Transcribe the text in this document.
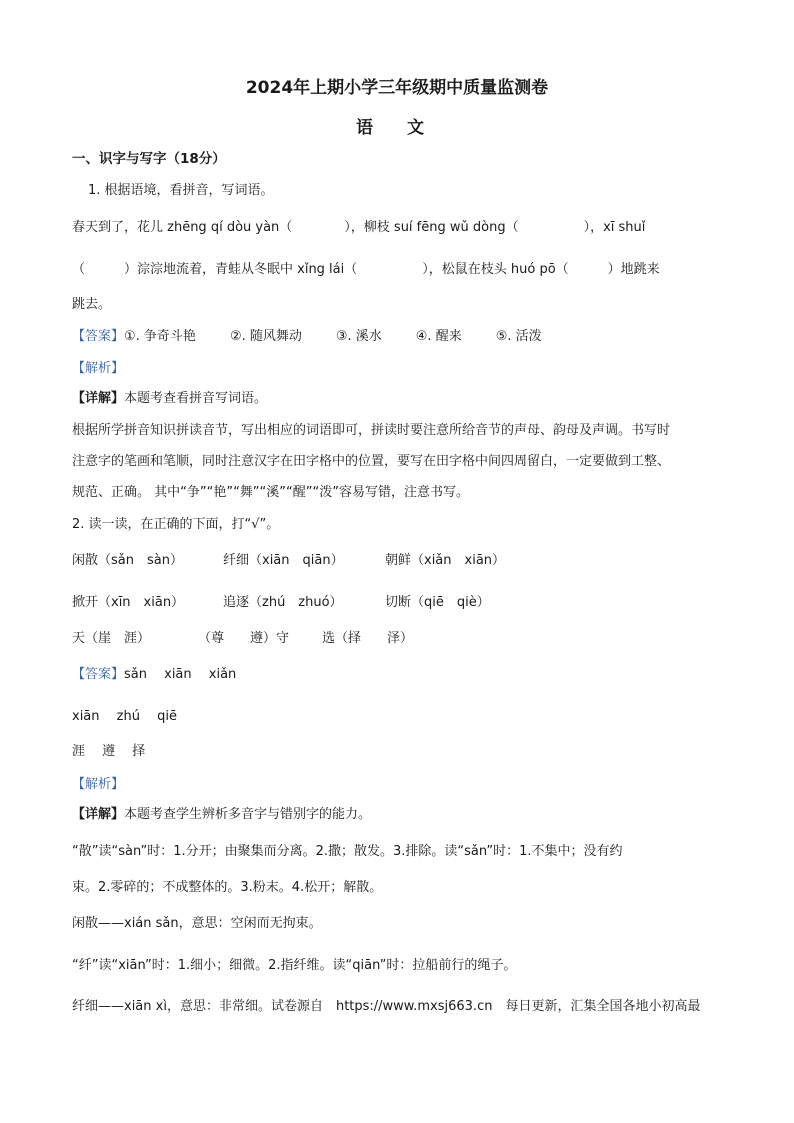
2024年上期小学三年级期中质量监测卷
语 文
一、识字与写字（18分）
1. 根据语境，看拼音，写词语。
春天到了，花儿 zhēng qí dòu yàn（　　　　），柳枝 suí fēng wǔ dòng（　　　　　），xī shuǐ
（　　　）淙淙地流着，青蛙从冬眠中 xǐng lái（　　　　　），松鼠在枝头 huó pō（　　　）地跳来
跳去。
【答案】①. 争奇斗艳	②. 随风舞动	③. 溪水	④. 醒来	⑤. 活泼
【解析】
【详解】本题考查看拼音写词语。
根据所学拼音知识拼读音节，写出相应的词语即可，拼读时要注意所给音节的声母、韵母及声调。书写时
注意字的笔画和笔顺，同时注意汉字在田字格中的位置，要写在田字格中间四周留白，一定要做到工整、
规范、正确。 其中“争”“艳”“舞”“溪”“醒”“泼”容易写错，注意书写。
2. 读一读，在正确的下面，打“√”。
闲散（sǎn　sàn）	纤细（xiān　qiān）	朝鲜（xiǎn　xiān）
掀开（xīn　xiān）	追逐（zhú　zhuó）	切断（qiē　qiè）
天（崖　涯）	（尊　　遵）守	选（择　　泽）
【答案】sǎn　 xiān　 xiǎn
xiān　 zhú　 qiē
涯　 遵　 择
【解析】
【详解】本题考查学生辨析多音字与错别字的能力。
“散”读“sàn”时：1.分开；由聚集而分离。2.撒；散发。3.排除。读“sǎn”时：1.不集中；没有约
束。2.零碎的；不成整体的。3.粉末。4.松开；解散。
闲散——xián sǎn，意思：空闲而无拘束。
“纤”读“xiān”时：1.细小；细微。2.指纤维。读“qiān”时：拉船前行的绳子。
纤细——xiān xì，意思：非常细。试卷源自　https://www.mxsj663.cn　每日更新，汇集全国各地小初高最
